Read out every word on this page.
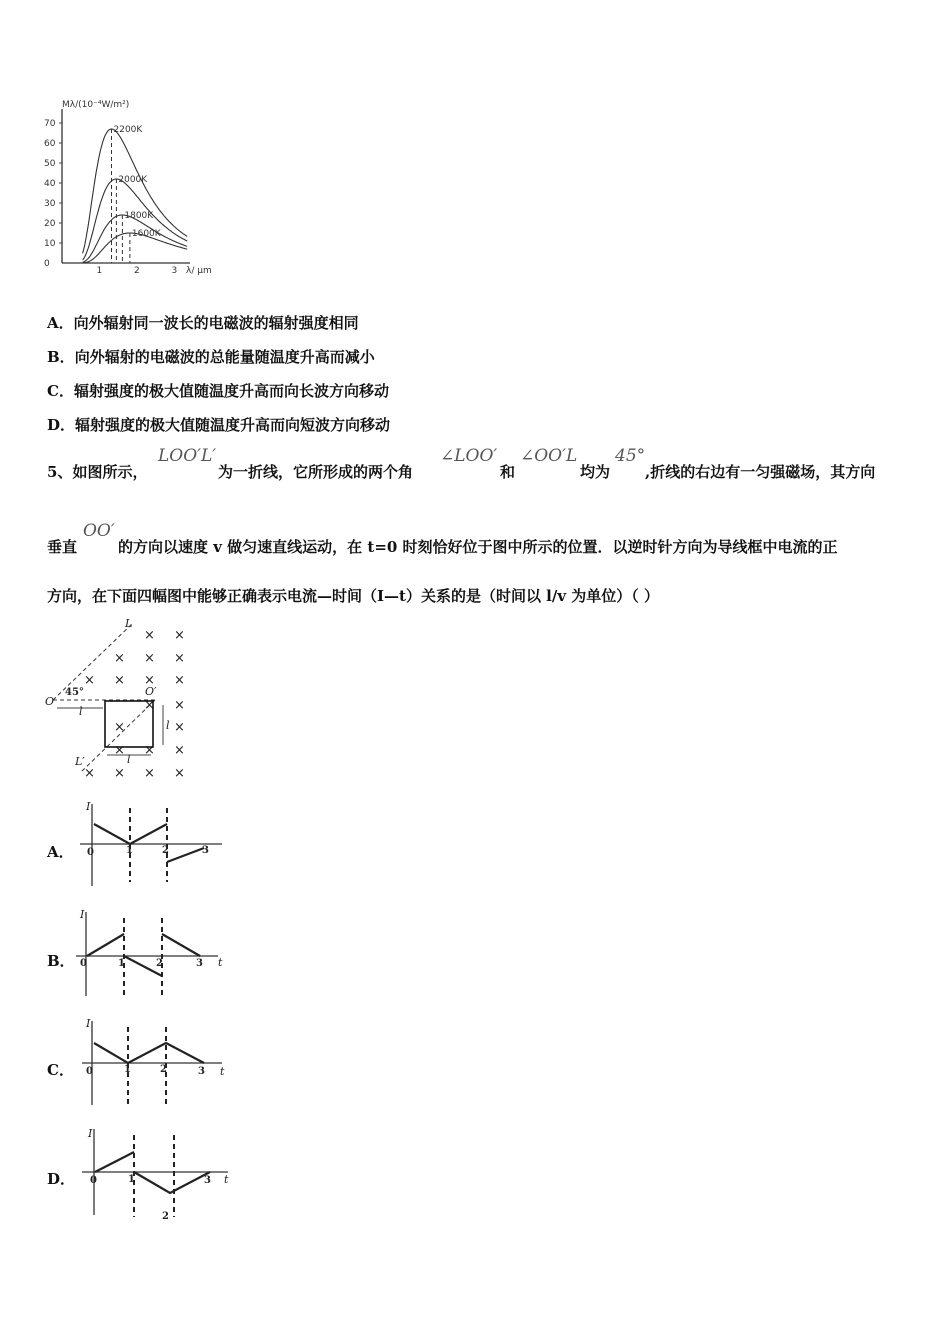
Mλ/(10⁻⁴W/m²)
0
10
20
30
40
50
60
70
1	2	3
2200K
2000K
1800K
1600K
λ/ μm
A．向外辐射同一波长的电磁波的辐射强度相同
B．向外辐射的电磁波的总能量随温度升高而减小
C．辐射强度的极大值随温度升高而向长波方向移动
D．辐射强度的极大值随温度升高而向短波方向移动
5、如图所示，
LOO′L′
为一折线，它所形成的两个角
∠LOO′
和
∠OO′L
均为
45°
,折线的右边有一匀强磁场，其方向
垂直
OO′
的方向以速度 v 做匀速直线运动，在 t=0 时刻恰好位于图中所示的位置．以逆时针方向为导线框中电流的正
方向，在下面四幅图中能够正确表示电流—时间（I—t）关系的是（时间以 l/v 为单位）（ ）
× ×
× × ×
× × × ×
× ×
×	×
× × ×
× × × ×
O
O′
L
L′
45°
l
l
l
A．
I
0	1	2	3
B．
I
t
0	1	2	3
C．
I
t
0	1	2	3
D．
I
t
0	1
2
3
